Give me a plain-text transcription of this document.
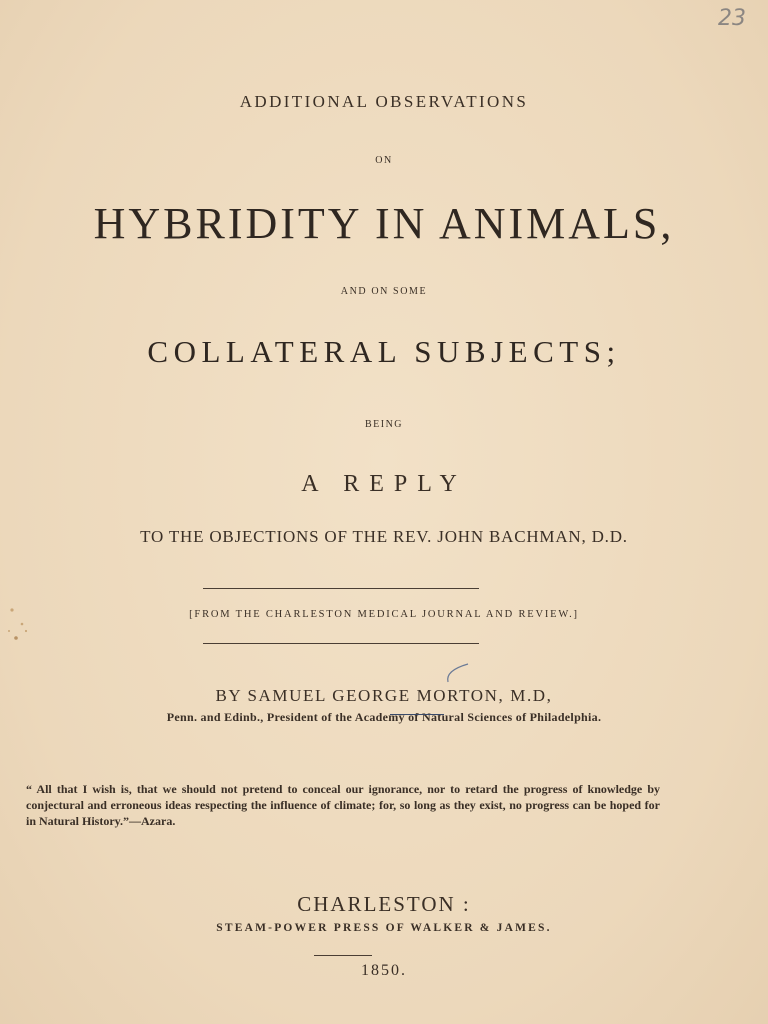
23
ADDITIONAL OBSERVATIONS
ON
HYBRIDITY IN ANIMALS,
AND ON SOME
COLLATERAL SUBJECTS;
BEING
A REPLY
TO THE OBJECTIONS OF THE REV. JOHN BACHMAN, D.D.
[FROM THE CHARLESTON MEDICAL JOURNAL AND REVIEW.]
BY SAMUEL GEORGE MORTON, M.D,
Penn. and Edinb., President of the Academy of Natural Sciences of Philadelphia.
“ All that I wish is, that we should not pretend to conceal our ignorance, nor to retard the progress of knowledge by conjectural and erroneous ideas respecting the influence of climate; for, so long as they exist, no progress can be hoped for in Natural History.”—Azara.
CHARLESTON :
STEAM-POWER PRESS OF WALKER & JAMES.
1850.
